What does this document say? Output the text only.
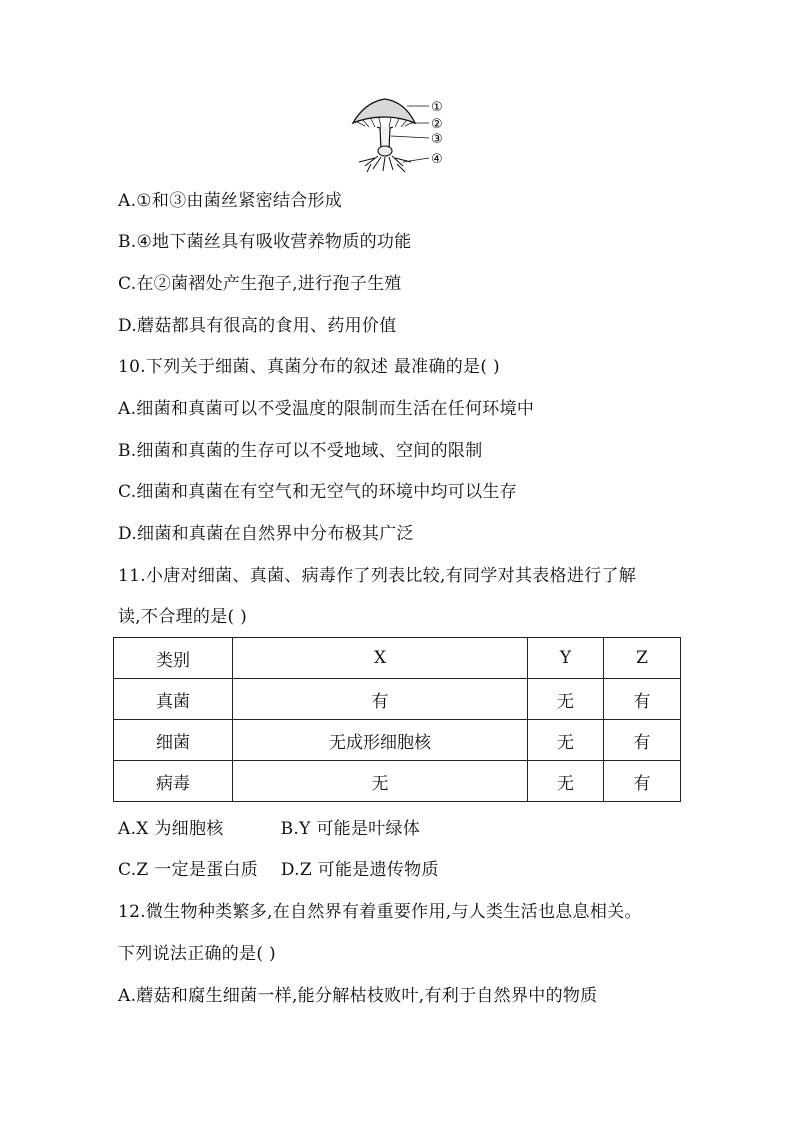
①
②
③
④
A.①和③由菌丝紧密结合形成
B.④地下菌丝具有吸收营养物质的功能
C.在②菌褶处产生孢子,进行孢子生殖
D.蘑菇都具有很高的食用、药用价值
10.下列关于细菌、真菌分布的叙述 最准确的是( )
A.细菌和真菌可以不受温度的限制而生活在任何环境中
B.细菌和真菌的生存可以不受地域、空间的限制
C.细菌和真菌在有空气和无空气的环境中均可以生存
D.细菌和真菌在自然界中分布极其广泛
11.小唐对细菌、真菌、病毒作了列表比较,有同学对其表格进行了解
读,不合理的是( )
类别	X	Y	Z
真菌	有	无	有
细菌	无成形细胞核	无	有
病毒	无	无	有
A.X 为细胞核          B.Y 可能是叶绿体
C.Z 一定是蛋白质    D.Z 可能是遗传物质
12.微生物种类繁多,在自然界有着重要作用,与人类生活也息息相关。
下列说法正确的是( )
A.蘑菇和腐生细菌一样,能分解枯枝败叶,有利于自然界中的物质
